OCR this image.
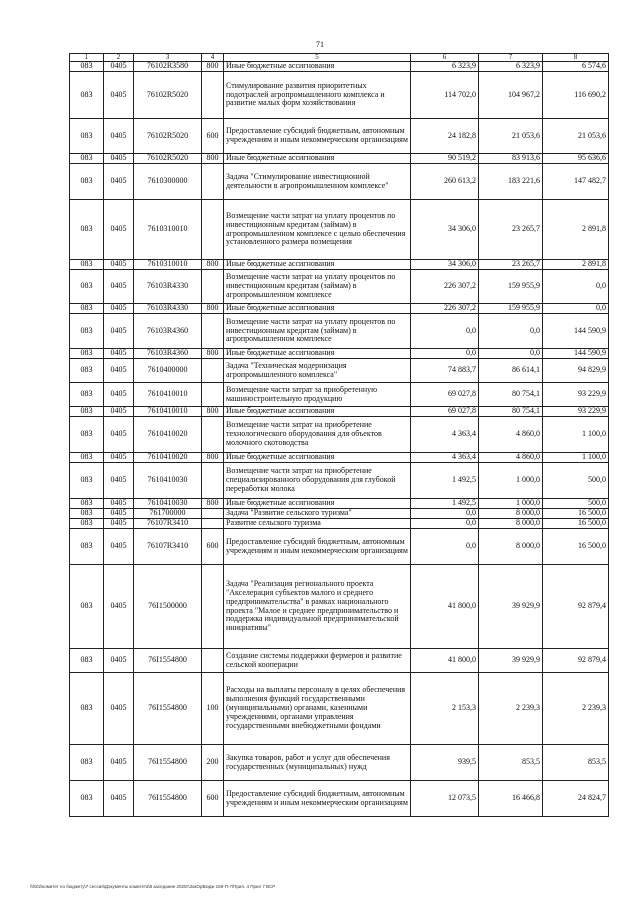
71
1	2	3	4	5	6	7	8
083	0405	76102R3580	800	Иные бюджетные ассигнования	6 323,9	6 323,9	6 574,6
083	0405	76102R5020		Стимулирование развития приоритетных подотраслей агропромышленного комплекса и развитие малых форм хозяйствования	114 702,0	104 967,2	116 690,2
083	0405	76102R5020	600	Предоставление субсидий бюджетным, автономным учреждениям и иным некоммерческим организациям	24 182,8	21 053,6	21 053,6
083	0405	76102R5020	800	Иные бюджетные ассигнования	90 519,2	83 913,6	95 636,6
083	0405	7610300000		Задача "Стимулирование инвестиционной деятельности в агропромышленном комплексе"	260 613,2	183 221,6	147 482,7
083	0405	7610310010		Возмещение части затрат на уплату процентов по инвестиционным кредитам (займам) в агропромышленном комплексе с целью обеспечения установленного размера возмещения	34 306,0	23 265,7	2 891,8
083	0405	7610310010	800	Иные бюджетные ассигнования	34 306,0	23 265,7	2 891,8
083	0405	76103R4330		Возмещение части затрат на уплату процентов по инвестиционным кредитам (займам) в агропромышленном комплексе	226 307,2	159 955,9	0,0
083	0405	76103R4330	800	Иные бюджетные ассигнования	226 307,2	159 955,9	0,0
083	0405	76103R4360		Возмещение части затрат на уплату процентов по инвестиционным кредитам (займам) в агропромышленном комплексе	0,0	0,0	144 590,9
083	0405	76103R4360	800	Иные бюджетные ассигнования	0,0	0,0	144 590,9
083	0405	7610400000		Задача "Техническая модернизация агропромышленного комплекса"	74 883,7	86 614,1	94 829,9
083	0405	7610410010		Возмещение части затрат за приобретенную машиностроительную продукцию	69 027,8	80 754,1	93 229,9
083	0405	7610410010	800	Иные бюджетные ассигнования	69 027,8	80 754,1	93 229,9
083	0405	7610410020		Возмещение части затрат на приобретение технологического оборудования для объектов молочного скотоводства	4 363,4	4 860,0	1 100,0
083	0405	7610410020	800	Иные бюджетные ассигнования	4 363,4	4 860,0	1 100,0
083	0405	7610410030		Возмещение части затрат на приобретение специализированного оборудования для глубокой переработки молока	1 492,5	1 000,0	500,0
083	0405	7610410030	800	Иные бюджетные ассигнования	1 492,5	1 000,0	500,0
083	0405	761700000		Задача "Развитие сельского туризма"	0,0	8 000,0	16 500,0
083	0405	76107R3410		Развитие сельского туризма	0,0	8 000,0	16 500,0
083	0405	76107R3410	600	Предоставление субсидий бюджетным, автономным учреждениям и иным некоммерческим организациям	0,0	8 000,0	16 500,0
083	0405	76I1500000		Задача "Реализация регионального проекта "Акселерация субъектов малого и среднего предпринимательства" в рамках национального проекта "Малое и среднее предпринимательство и поддержка индивидуальной предпринимательской инициативы"	41 800,0	39 929,9	92 879,4
083	0405	76I1554800		Создание системы поддержки фермеров и развитие сельской кооперации	41 800,0	39 929,9	92 879,4
083	0405	76I1554800	100	Расходы на выплаты персоналу в целях обеспечения выполнения функций государственными (муниципальными) органами, казенными учреждениями, органами управления государственными внебюджетными фондами	2 153,3	2 239,3	2 239,3
083	0405	76I1554800	200	Закупка товаров, работ и услуг для обеспечения государственных (муниципальных) нужд	939,5	853,5	853,5
083	0405	76I1554800	600	Предоставление субсидий бюджетным, автономным учреждениям и иным некоммерческим организациям	12 073,5	16 466,8	24 824,7
\\fs02\комитет по бюджету\7 сессия\Документы комитета\8 заседание 2020г\ЗакОрБюдж 159-П-7\Прил. 4 Прил 7 ВСР
